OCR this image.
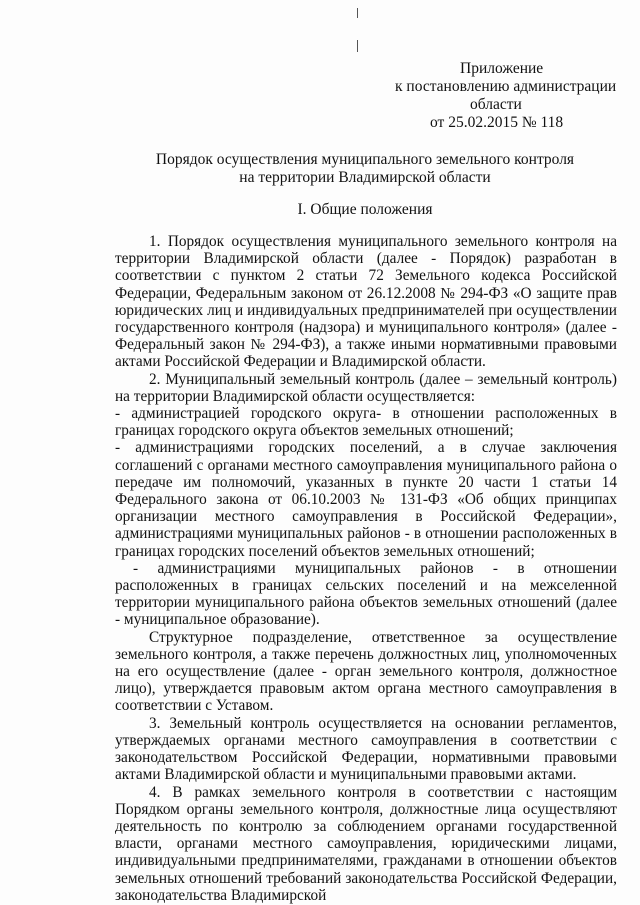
Приложение
к постановлению администрации
области
от 25.02.2015 № 118
Порядок осуществления муниципального земельного контроля
на территории Владимирской области
I. Общие положения

1. Порядок осуществления муниципального земельного контроля на территории Владимирской области (далее - Порядок) разработан в соответствии с пунктом 2 статьи 72 Земельного кодекса Российской Федерации, Федеральным законом от 26.12.2008 № 294-ФЗ «О защите прав юридических лиц и индивидуальных предпринимателей при осуществлении государственного контроля (надзора) и муниципального контроля» (далее - Федеральный закон № 294-ФЗ), а также иными нормативными правовыми актами Российской Федерации и Владимирской области.

2. Муниципальный земельный контроль (далее – земельный контроль) на территории Владимирской области осуществляется:

- администрацией городского округа- в отношении расположенных в границах городского округа объектов земельных отношений;

- администрациями городских поселений, а в случае заключения соглашений с органами местного самоуправления муниципального района о передаче им полномочий, указанных в пункте 20 части 1 статьи 14 Федерального закона от 06.10.2003 № 131-ФЗ «Об общих принципах организации местного самоуправления в Российской Федерации», администрациями муниципальных районов - в отношении расположенных в границах городских поселений объектов земельных отношений;

- администрациями муниципальных районов - в отношении расположенных в границах сельских поселений и на межселенной территории муниципального района объектов земельных отношений (далее - муниципальное образование).

Структурное подразделение, ответственное за осуществление земельного контроля, а также перечень должностных лиц, уполномоченных на его осуществление (далее - орган земельного контроля, должностное лицо), утверждается правовым актом органа местного самоуправления в соответствии с Уставом.

3. Земельный контроль осуществляется на основании регламентов, утверждаемых органами местного самоуправления в соответствии с законодательством Российской Федерации, нормативными правовыми актами Владимирской области и муниципальными правовыми актами.

4. В рамках земельного контроля в соответствии с настоящим Порядком органы земельного контроля, должностные лица осуществляют деятельность по контролю за соблюдением органами государственной власти, органами местного самоуправления, юридическими лицами, индивидуальными предпринимателями, гражданами в отношении объектов земельных отношений требований законодательства Российской Федерации, законодательства Владимирской
